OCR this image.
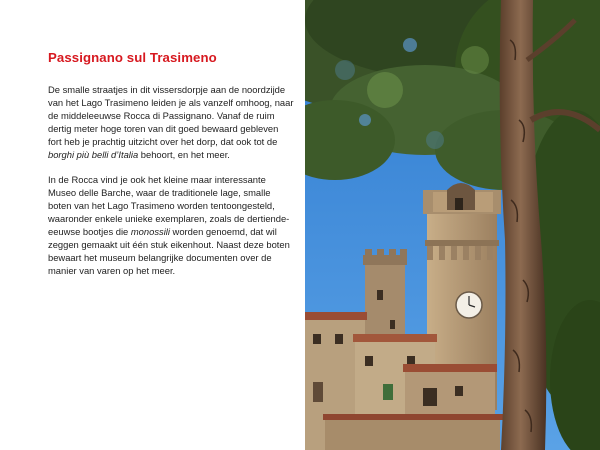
Passignano sul Trasimeno

De smalle straatjes in dit vissersdorpje aan de noordzijde van het Lago Trasimeno leiden je als vanzelf omhoog, naar de middeleeuwse Rocca di Passignano. Vanaf de ruim dertig meter hoge toren van dit goed bewaard gebleven fort heb je prachtig uitzicht over het dorp, dat ook tot de borghi più belli d’Italia behoort, en het meer.

In de Rocca vind je ook het kleine maar interessante Museo delle Barche, waar de traditionele lage, smalle boten van het Lago Trasimeno worden tentoongesteld, waaronder enkele unieke exemplaren, zoals de dertiende-eeuwse bootjes die monossili worden genoemd, dat wil zeggen gemaakt uit één stuk eikenhout. Naast deze boten bewaart het museum belangrijke documenten over de manier van varen op het meer.
